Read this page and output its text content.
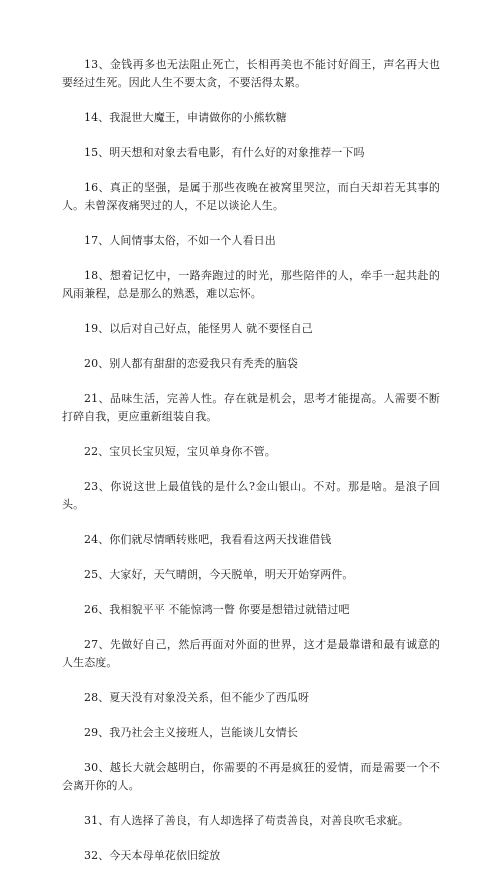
13、金钱再多也无法阻止死亡，长相再美也不能讨好阎王，声名再大也要经过生死。因此人生不要太贪，不要活得太累。

14、我混世大魔王，申请做你的小熊软糖

15、明天想和对象去看电影，有什么好的对象推荐一下吗

16、真正的坚强，是属于那些夜晚在被窝里哭泣，而白天却若无其事的人。未曾深夜痛哭过的人，不足以谈论人生。

17、人间情事太俗，不如一个人看日出

18、想着记忆中，一路奔跑过的时光，那些陪伴的人，牵手一起共赴的风雨兼程，总是那么的熟悉，难以忘怀。

19、以后对自己好点，能怪男人 就不要怪自己

20、别人都有甜甜的恋爱我只有秃秃的脑袋

21、品味生活，完善人性。存在就是机会，思考才能提高。人需要不断打碎自我，更应重新组装自我。

22、宝贝长宝贝短，宝贝单身你不管。

23、你说这世上最值钱的是什么?金山银山。不对。那是啥。是浪子回头。

24、你们就尽情晒转账吧，我看看这两天找谁借钱

25、大家好，天气晴朗，今天脱单，明天开始穿两件。

26、我相貌平平 不能惊鸿一瞥 你要是想错过就错过吧

27、先做好自己，然后再面对外面的世界，这才是最靠谱和最有诚意的人生态度。

28、夏天没有对象没关系，但不能少了西瓜呀

29、我乃社会主义接班人，岂能谈儿女情长

30、越长大就会越明白，你需要的不再是疯狂的爱情，而是需要一个不会离开你的人。

31、有人选择了善良，有人却选择了苟责善良，对善良吹毛求疵。

32、今天本母单花依旧绽放
